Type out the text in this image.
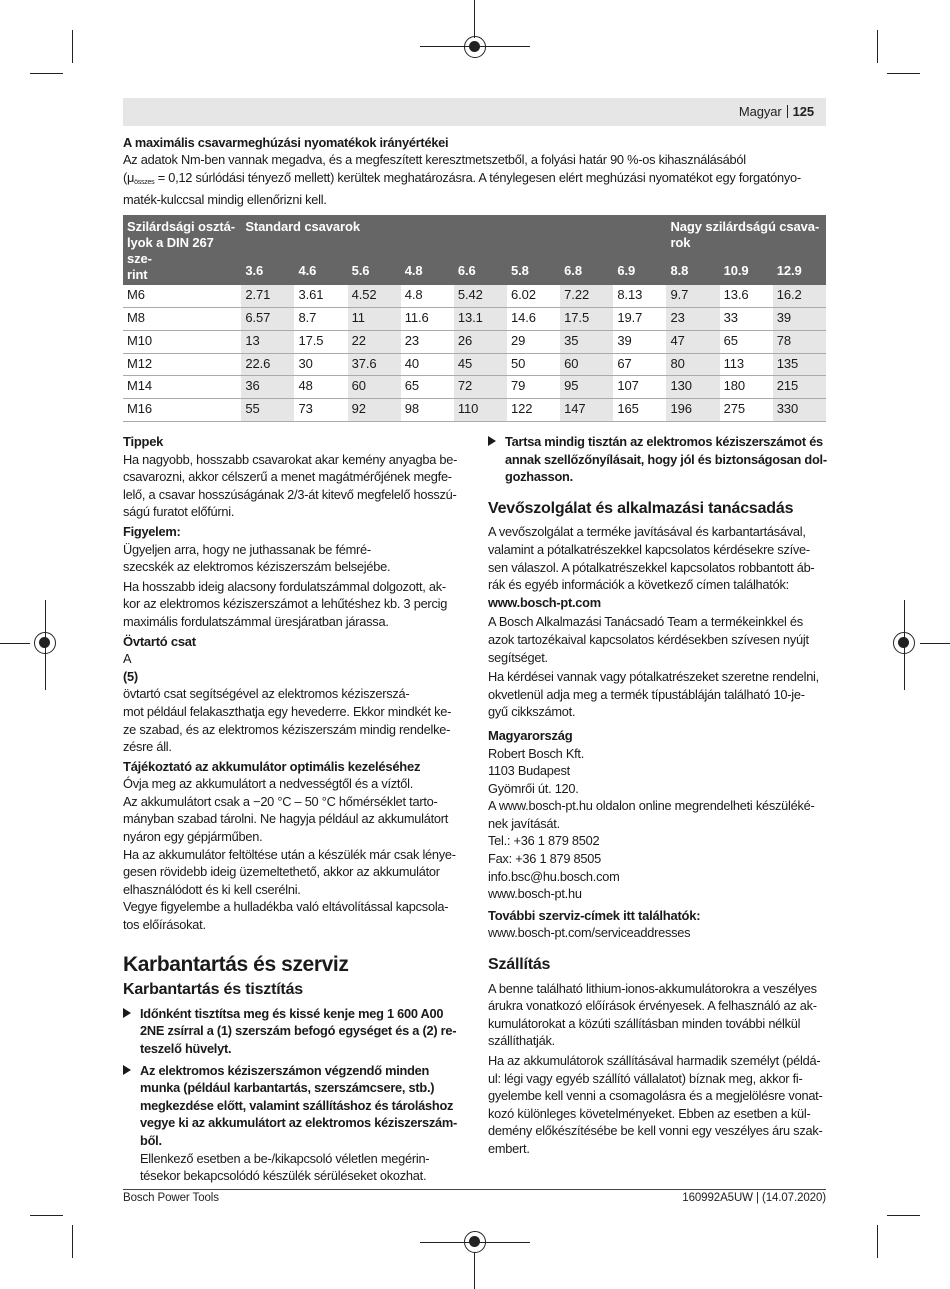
Magyar 125
A maximális csavarmeghúzási nyomatékok irányértékei
Az adatok Nm-ben vannak megadva, és a megfeszített keresztmetszetből, a folyási határ 90 %-os kihasználásából
($\mu_{összes} = 0,12$ súrlódási tényező mellett) kerültek meghatározásra. A ténylegesen elért meghúzási nyomatékot egy forgatónyo-
maték-kulccsal mindig ellenőrizni kell.
Szilárdsági osztá-
lyok a DIN 267 sze-
rint	Standard csavarok								Nagy szilárdságú csava-
rok		

	3.6	4.6	5.6	4.8	6.6	5.8	6.8	6.9	8.8	10.9	12.9
M6	2.71	3.61	4.52	4.8	5.42	6.02	7.22	8.13	9.7	13.6	16.2
M8	6.57	8.7	11	11.6	13.1	14.6	17.5	19.7	23	33	39
M10	13	17.5	22	23	26	29	35	39	47	65	78
M12	22.6	30	37.6	40	45	50	60	67	80	113	135
M14	36	48	60	65	72	79	95	107	130	180	215
M16	55	73	92	98	110	122	147	165	196	275	330

Tippek

Ha nagyobb, hosszabb csavarokat akar kemény anyagba be-
csavarozni, akkor célszerű a menet magátmérőjének megfe-
lelő, a csavar hosszúságának 2/3-át kitevő megfelelő hosszú-
ságú furatot előfúrni.

Figyelem:
Ügyeljen arra, hogy ne juthassanak be fémré-
szecskék az elektromos kéziszerszám belsejébe.

Ha hosszabb ideig alacsony fordulatszámmal dolgozott, ak-
kor az elektromos kéziszerszámot a lehűtéshez kb. 3 percig
maximális fordulatszámmal üresjáratban járassa.

Övtartó csat

A
(5)
övtartó csat segítségével az elektromos kéziszerszá-
mot például felakaszthatja egy hevederre. Ekkor mindkét ke-
zе szabad, és az elektromos kéziszerszám mindig rendelke-
zésre áll.

Tájékoztató az akkumulátor optimális kezeléséhez

Óvja meg az akkumulátort a nedvességtől és a víztől.
Az akkumulátort csak a −20 °C – 50 °C hőmérséklet tarto-
mányban szabad tárolni. Ne hagyja például az akkumulátort
nyáron egy gépjárműben.
Ha az akkumulátor feltöltése után a készülék már csak lénye-
gesen rövidebb ideig üzemeltethető, akkor az akkumulátor
elhasználódott és ki kell cserélni.
Vegye figyelembe a hulladékba való eltávolítással kapcsola-
tos előírásokat.

Karbantartás és szerviz

Karbantartás és tisztítás

Időnként tisztítsa meg és kissé kenje meg 1 600 A00
2NE zsírral a (1) szerszám befogó egységet és a (2) re-
teszelő hüvelyt.
Az elektromos kéziszerszámon végzendő minden
munka (például karbantartás, szerszámcsere, stb.)
megkezdése előtt, valamint szállításhoz és tároláshoz
vegye ki az akkumulátort az elektromos kéziszerszám-
ből.
Ellenkező esetben a be-/kikapcsoló véletlen megérin-
tésekor bekapcsolódó készülék sérüléseket okozhat.
Tartsa mindig tisztán az elektromos kéziszerszámot és
annak szellőzőnyílásait, hogy jól és biztonságosan dol-
gozhasson.

Vevőszolgálat és alkalmazási tanácsadás

A vevőszolgálat a terméke javításával és karbantartásával,
valamint a pótalkatrészekkel kapcsolatos kérdésekre szíve-
sen válaszol. A pótalkatrészekkel kapcsolatos robbantott áb-
rák és egyéb információk a következő címen találhatók:
www.bosch-pt.com

A Bosch Alkalmazási Tanácsadó Team a termékeinkkel és
azok tartozékaival kapcsolatos kérdésekben szívesen nyújt
segítséget.

Ha kérdései vannak vagy pótalkatrészeket szeretne rendelni,
okvetlenül adja meg a termék típustábláján található 10-je-
gyű cikkszámot.

Magyarország

Robert Bosch Kft.
1103 Budapest
Gyömrői út. 120.
A www.bosch-pt.hu oldalon online megrendelheti készüléké-
nek javítását.
Tel.: +36 1 879 8502
Fax: +36 1 879 8505
info.bsc@hu.bosch.com
www.bosch-pt.hu

További szerviz-címek itt találhatók:

www.bosch-pt.com/serviceaddresses

Szállítás

A benne található lithium-ionos-akkumulátorokra a veszélyes
árukra vonatkozó előírások érvényesek. A felhasználó az ak-
kumulátorokat a közúti szállításban minden további nélkül
szállíthatják.

Ha az akkumulátorok szállításával harmadik személyt (példá-
ul: légi vagy egyéb szállító vállalatot) bíznak meg, akkor fi-
gyelembe kell venni a csomagolásra és a megjelölésre vonat-
kozó különleges követelményeket. Ebben az esetben a kül-
demény előkészítésébe be kell vonni egy veszélyes áru szak-
embert.

Bosch Power Tools	160992A5UW | (14.07.2020)
